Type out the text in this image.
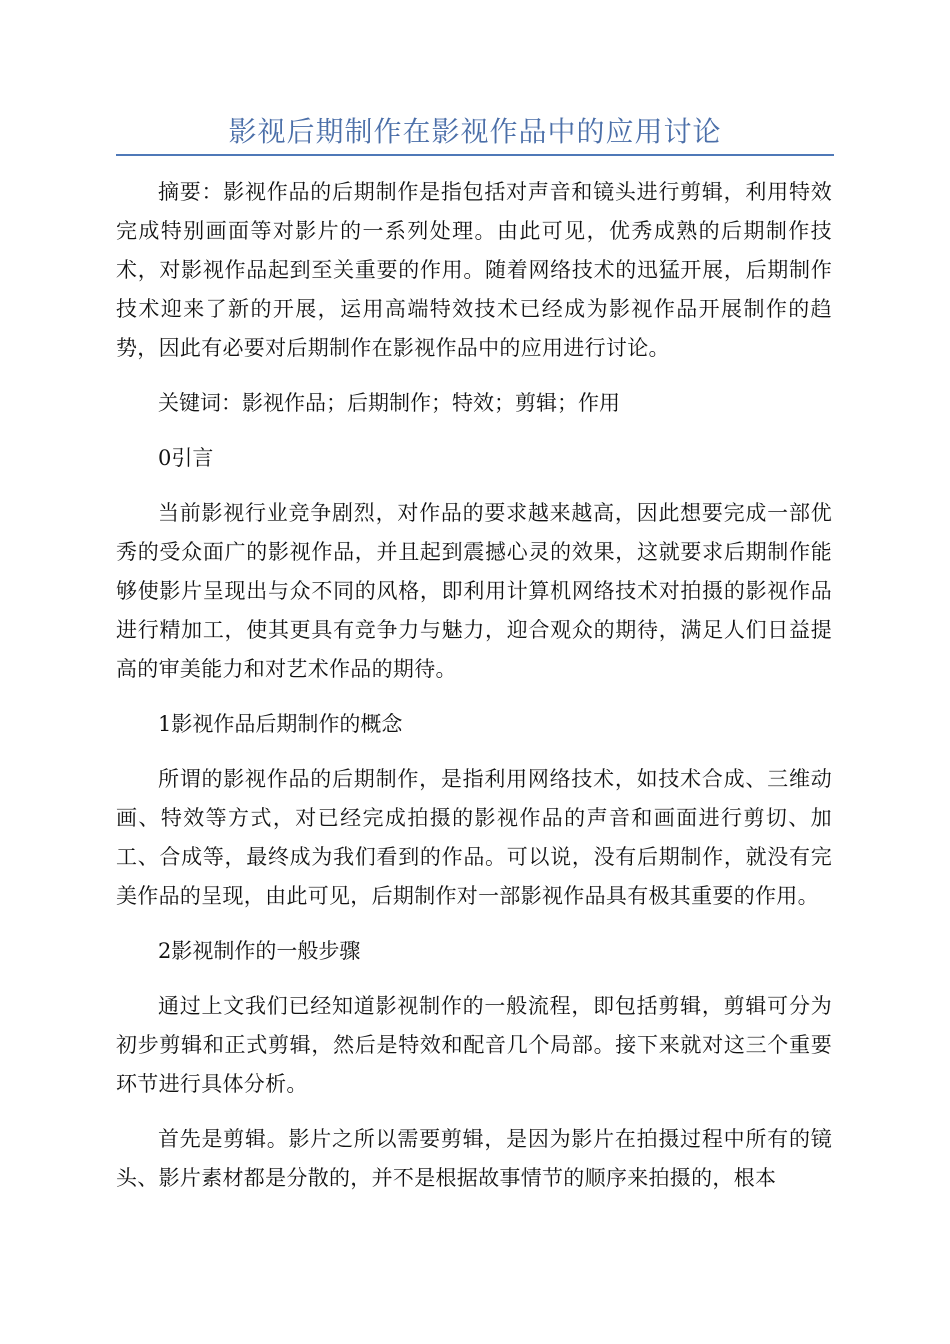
影视后期制作在影视作品中的应用讨论

摘要：影视作品的后期制作是指包括对声音和镜头进行剪辑，利用特效完成特别画面等对影片的一系列处理。由此可见，优秀成熟的后期制作技术，对影视作品起到至关重要的作用。随着网络技术的迅猛开展，后期制作技术迎来了新的开展，运用高端特效技术已经成为影视作品开展制作的趋势，因此有必要对后期制作在影视作品中的应用进行讨论。

关键词：影视作品；后期制作；特效；剪辑；作用

0引言

当前影视行业竞争剧烈，对作品的要求越来越高，因此想要完成一部优秀的受众面广的影视作品，并且起到震撼心灵的效果，这就要求后期制作能够使影片呈现出与众不同的风格，即利用计算机网络技术对拍摄的影视作品进行精加工，使其更具有竞争力与魅力，迎合观众的期待，满足人们日益提高的审美能力和对艺术作品的期待。

1影视作品后期制作的概念

所谓的影视作品的后期制作，是指利用网络技术，如技术合成、三维动画、特效等方式，对已经完成拍摄的影视作品的声音和画面进行剪切、加工、合成等，最终成为我们看到的作品。可以说，没有后期制作，就没有完美作品的呈现，由此可见，后期制作对一部影视作品具有极其重要的作用。

2影视制作的一般步骤

通过上文我们已经知道影视制作的一般流程，即包括剪辑，剪辑可分为初步剪辑和正式剪辑，然后是特效和配音几个局部。接下来就对这三个重要环节进行具体分析。

首先是剪辑。影片之所以需要剪辑，是因为影片在拍摄过程中所有的镜头、影片素材都是分散的，并不是根据故事情节的顺序来拍摄的，根本
